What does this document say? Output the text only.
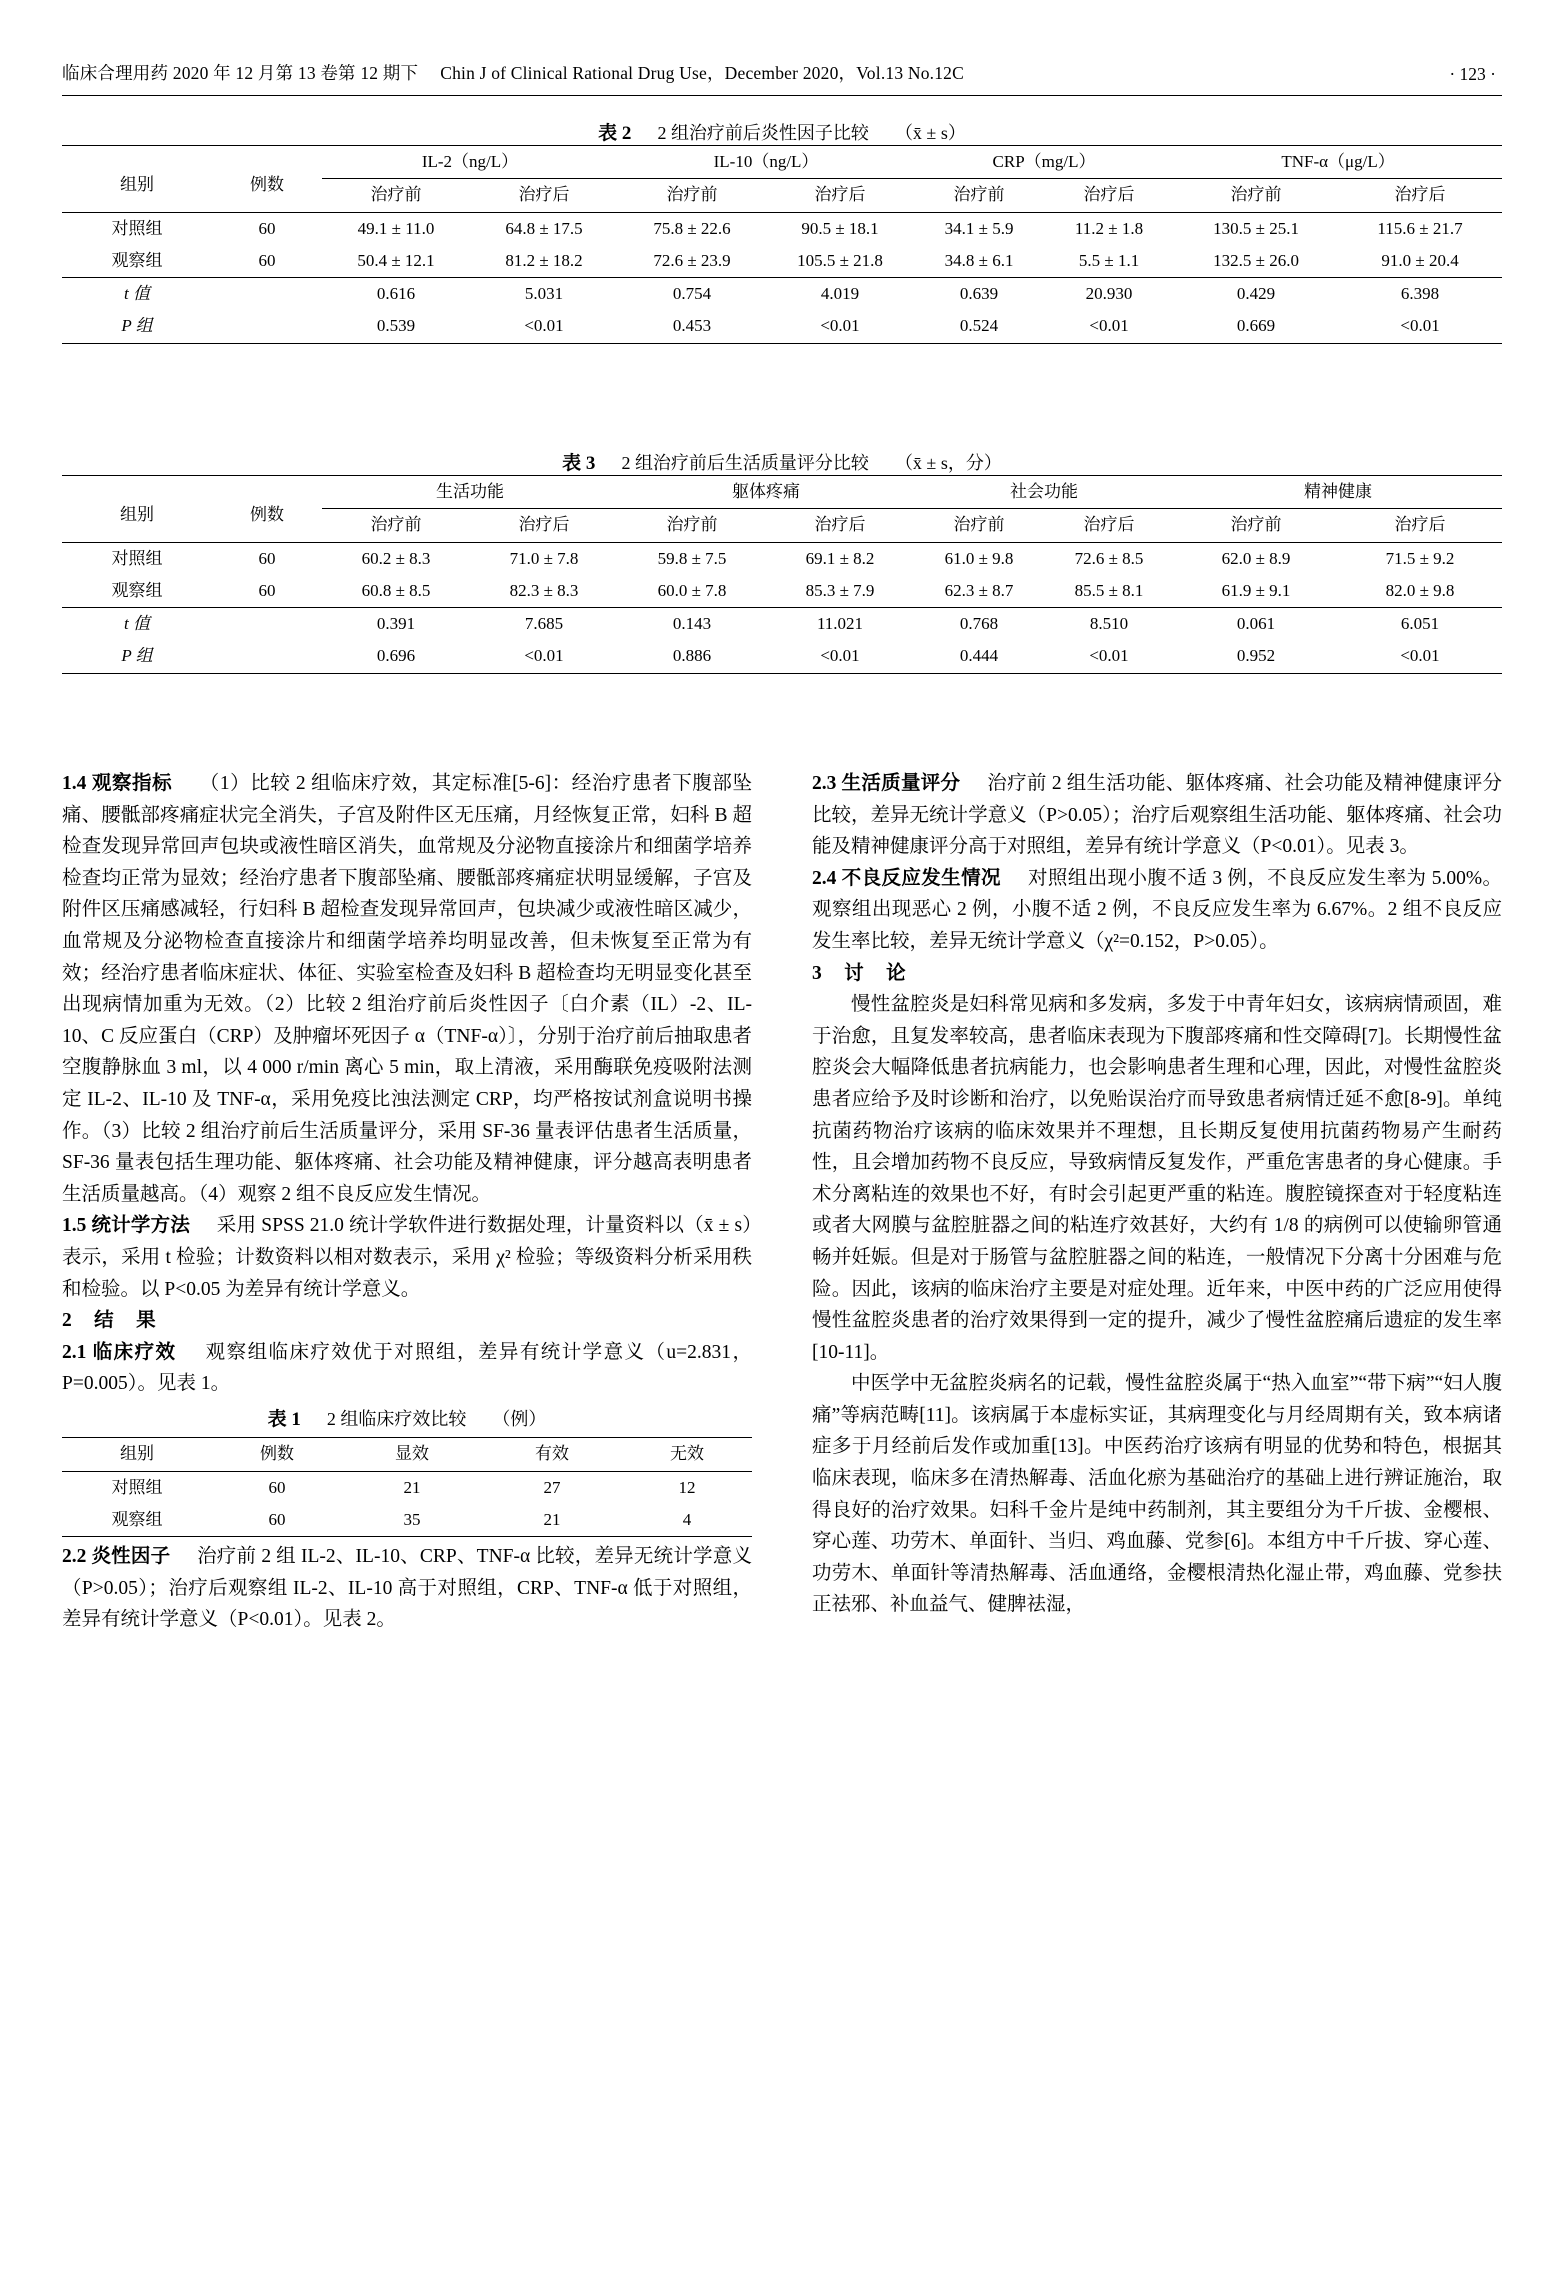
临床合理用药 2020 年 12 月第 13 卷第 12 期下 Chin J of Clinical Rational Drug Use，December 2020，Vol.13 No.12C	· 123 ·
表 2 2 组治疗前后炎性因子比较 （x̄ ± s）
组别	例数	IL-2（ng/L）		IL-10（ng/L）		CRP（mg/L）		TNF-α（μg/L）	
		治疗前	治疗后	治疗前	治疗后	治疗前	治疗后	治疗前	治疗后
对照组	60	49.1 ± 11.0	64.8 ± 17.5	75.8 ± 22.6	90.5 ± 18.1	34.1 ± 5.9	11.2 ± 1.8	130.5 ± 25.1	115.6 ± 21.7
观察组	60	50.4 ± 12.1	81.2 ± 18.2	72.6 ± 23.9	105.5 ± 21.8	34.8 ± 6.1	5.5 ± 1.1	132.5 ± 26.0	91.0 ± 20.4
t 值		0.616	5.031	0.754	4.019	0.639	20.930	0.429	6.398
P 组		0.539	<0.01	0.453	<0.01	0.524	<0.01	0.669	<0.01
表 3 2 组治疗前后生活质量评分比较 （x̄ ± s，分）
组别	例数	生活功能		躯体疼痛		社会功能		精神健康	
		治疗前	治疗后	治疗前	治疗后	治疗前	治疗后	治疗前	治疗后
对照组	60	60.2 ± 8.3	71.0 ± 7.8	59.8 ± 7.5	69.1 ± 8.2	61.0 ± 9.8	72.6 ± 8.5	62.0 ± 8.9	71.5 ± 9.2
观察组	60	60.8 ± 8.5	82.3 ± 8.3	60.0 ± 7.8	85.3 ± 7.9	62.3 ± 8.7	85.5 ± 8.1	61.9 ± 9.1	82.0 ± 9.8
t 值		0.391	7.685	0.143	11.021	0.768	8.510	0.061	6.051
P 组		0.696	<0.01	0.886	<0.01	0.444	<0.01	0.952	<0.01

1.4 观察指标 （1）比较 2 组临床疗效，其定标准[5-6]：经治疗患者下腹部坠痛、腰骶部疼痛症状完全消失，子宫及附件区无压痛，月经恢复正常，妇科 B 超检查发现异常回声包块或液性暗区消失，血常规及分泌物直接涂片和细菌学培养检查均正常为显效；经治疗患者下腹部坠痛、腰骶部疼痛症状明显缓解，子宫及附件区压痛感减轻，行妇科 B 超检查发现异常回声，包块减少或液性暗区减少，血常规及分泌物检查直接涂片和细菌学培养均明显改善，但未恢复至正常为有效；经治疗患者临床症状、体征、实验室检查及妇科 B 超检查均无明显变化甚至出现病情加重为无效。（2）比较 2 组治疗前后炎性因子〔白介素（IL）-2、IL-10、C 反应蛋白（CRP）及肿瘤坏死因子 α（TNF-α）〕，分别于治疗前后抽取患者空腹静脉血 3 ml，以 4 000 r/min 离心 5 min，取上清液，采用酶联免疫吸附法测定 IL-2、IL-10 及 TNF-α，采用免疫比浊法测定 CRP，均严格按试剂盒说明书操作。（3）比较 2 组治疗前后生活质量评分，采用 SF-36 量表评估患者生活质量，SF-36 量表包括生理功能、躯体疼痛、社会功能及精神健康，评分越高表明患者生活质量越高。（4）观察 2 组不良反应发生情况。

1.5 统计学方法 采用 SPSS 21.0 统计学软件进行数据处理，计量资料以（x̄ ± s）表示，采用 t 检验；计数资料以相对数表示，采用 χ² 检验；等级资料分析采用秩和检验。以 P<0.05 为差异有统计学意义。

2 结 果

2.1 临床疗效 观察组临床疗效优于对照组，差异有统计学意义（u=2.831，P=0.005）。见表 1。

表 1 2 组临床疗效比较 （例）
组别	例数	显效	有效	无效
对照组	60	21	27	12
观察组	60	35	21	4

2.2 炎性因子 治疗前 2 组 IL-2、IL-10、CRP、TNF-α 比较，差异无统计学意义（P>0.05）；治疗后观察组 IL-2、IL-10 高于对照组，CRP、TNF-α 低于对照组，差异有统计学意义（P<0.01）。见表 2。

2.3 生活质量评分 治疗前 2 组生活功能、躯体疼痛、社会功能及精神健康评分比较，差异无统计学意义（P>0.05）；治疗后观察组生活功能、躯体疼痛、社会功能及精神健康评分高于对照组，差异有统计学意义（P<0.01）。见表 3。

2.4 不良反应发生情况 对照组出现小腹不适 3 例，不良反应发生率为 5.00%。观察组出现恶心 2 例，小腹不适 2 例，不良反应发生率为 6.67%。2 组不良反应发生率比较，差异无统计学意义（χ²=0.152，P>0.05）。

3 讨 论

慢性盆腔炎是妇科常见病和多发病，多发于中青年妇女，该病病情顽固，难于治愈，且复发率较高，患者临床表现为下腹部疼痛和性交障碍[7]。长期慢性盆腔炎会大幅降低患者抗病能力，也会影响患者生理和心理，因此，对慢性盆腔炎患者应给予及时诊断和治疗，以免贻误治疗而导致患者病情迁延不愈[8-9]。单纯抗菌药物治疗该病的临床效果并不理想，且长期反复使用抗菌药物易产生耐药性，且会增加药物不良反应，导致病情反复发作，严重危害患者的身心健康。手术分离粘连的效果也不好，有时会引起更严重的粘连。腹腔镜探查对于轻度粘连或者大网膜与盆腔脏器之间的粘连疗效甚好，大约有 1/8 的病例可以使输卵管通畅并妊娠。但是对于肠管与盆腔脏器之间的粘连，一般情况下分离十分困难与危险。因此，该病的临床治疗主要是对症处理。近年来，中医中药的广泛应用使得慢性盆腔炎患者的治疗效果得到一定的提升，减少了慢性盆腔痛后遗症的发生率[10-11]。

中医学中无盆腔炎病名的记载，慢性盆腔炎属于“热入血室”“带下病”“妇人腹痛”等病范畴[11]。该病属于本虚标实证，其病理变化与月经周期有关，致本病诸症多于月经前后发作或加重[13]。中医药治疗该病有明显的优势和特色，根据其临床表现，临床多在清热解毒、活血化瘀为基础治疗的基础上进行辨证施治，取得良好的治疗效果。妇科千金片是纯中药制剂，其主要组分为千斤拔、金樱根、穿心莲、功劳木、单面针、当归、鸡血藤、党参[6]。本组方中千斤拔、穿心莲、功劳木、单面针等清热解毒、活血通络，金樱根清热化湿止带，鸡血藤、党参扶正祛邪、补血益气、健脾祛湿，
